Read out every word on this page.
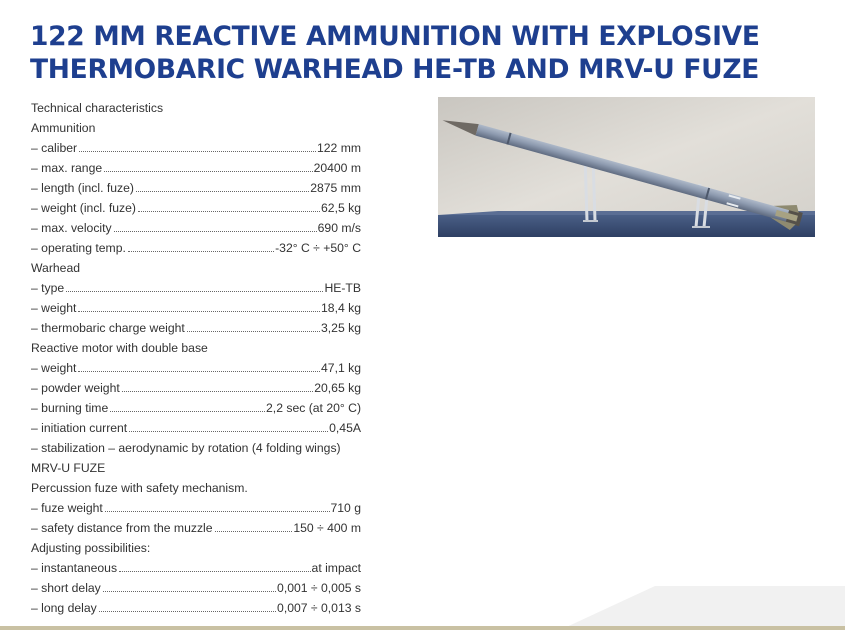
122 MM REACTIVE AMMUNITION WITH EXPLOSIVE
THERMOBARIC WARHEAD HE-TB AND MRV-U FUZE
Technical characteristics
Ammunition
– caliber	122 mm
– max. range	20400 m
– length (incl. fuze)	2875 mm
– weight (incl. fuze)	62,5 kg
– max. velocity	690 m/s
– operating temp.	-32° C ÷ +50° C
Warhead
– type	HE-TB
– weight	18,4 kg
– thermobaric charge weight	3,25 kg
Reactive motor with double base
– weight	47,1 kg
– powder weight	20,65 kg
– burning time	2,2 sec (at 20° C)
– initiation current	0,45A
– stabilization – aerodynamic by rotation (4 folding wings)
MRV-U FUZE
Percussion fuze with safety mechanism.
– fuze weight	710 g
– safety distance from the muzzle	150 ÷ 400 m
Adjusting possibilities:
– instantaneous	at impact
– short delay	0,001 ÷ 0,005 s
– long delay	0,007 ÷ 0,013 s
